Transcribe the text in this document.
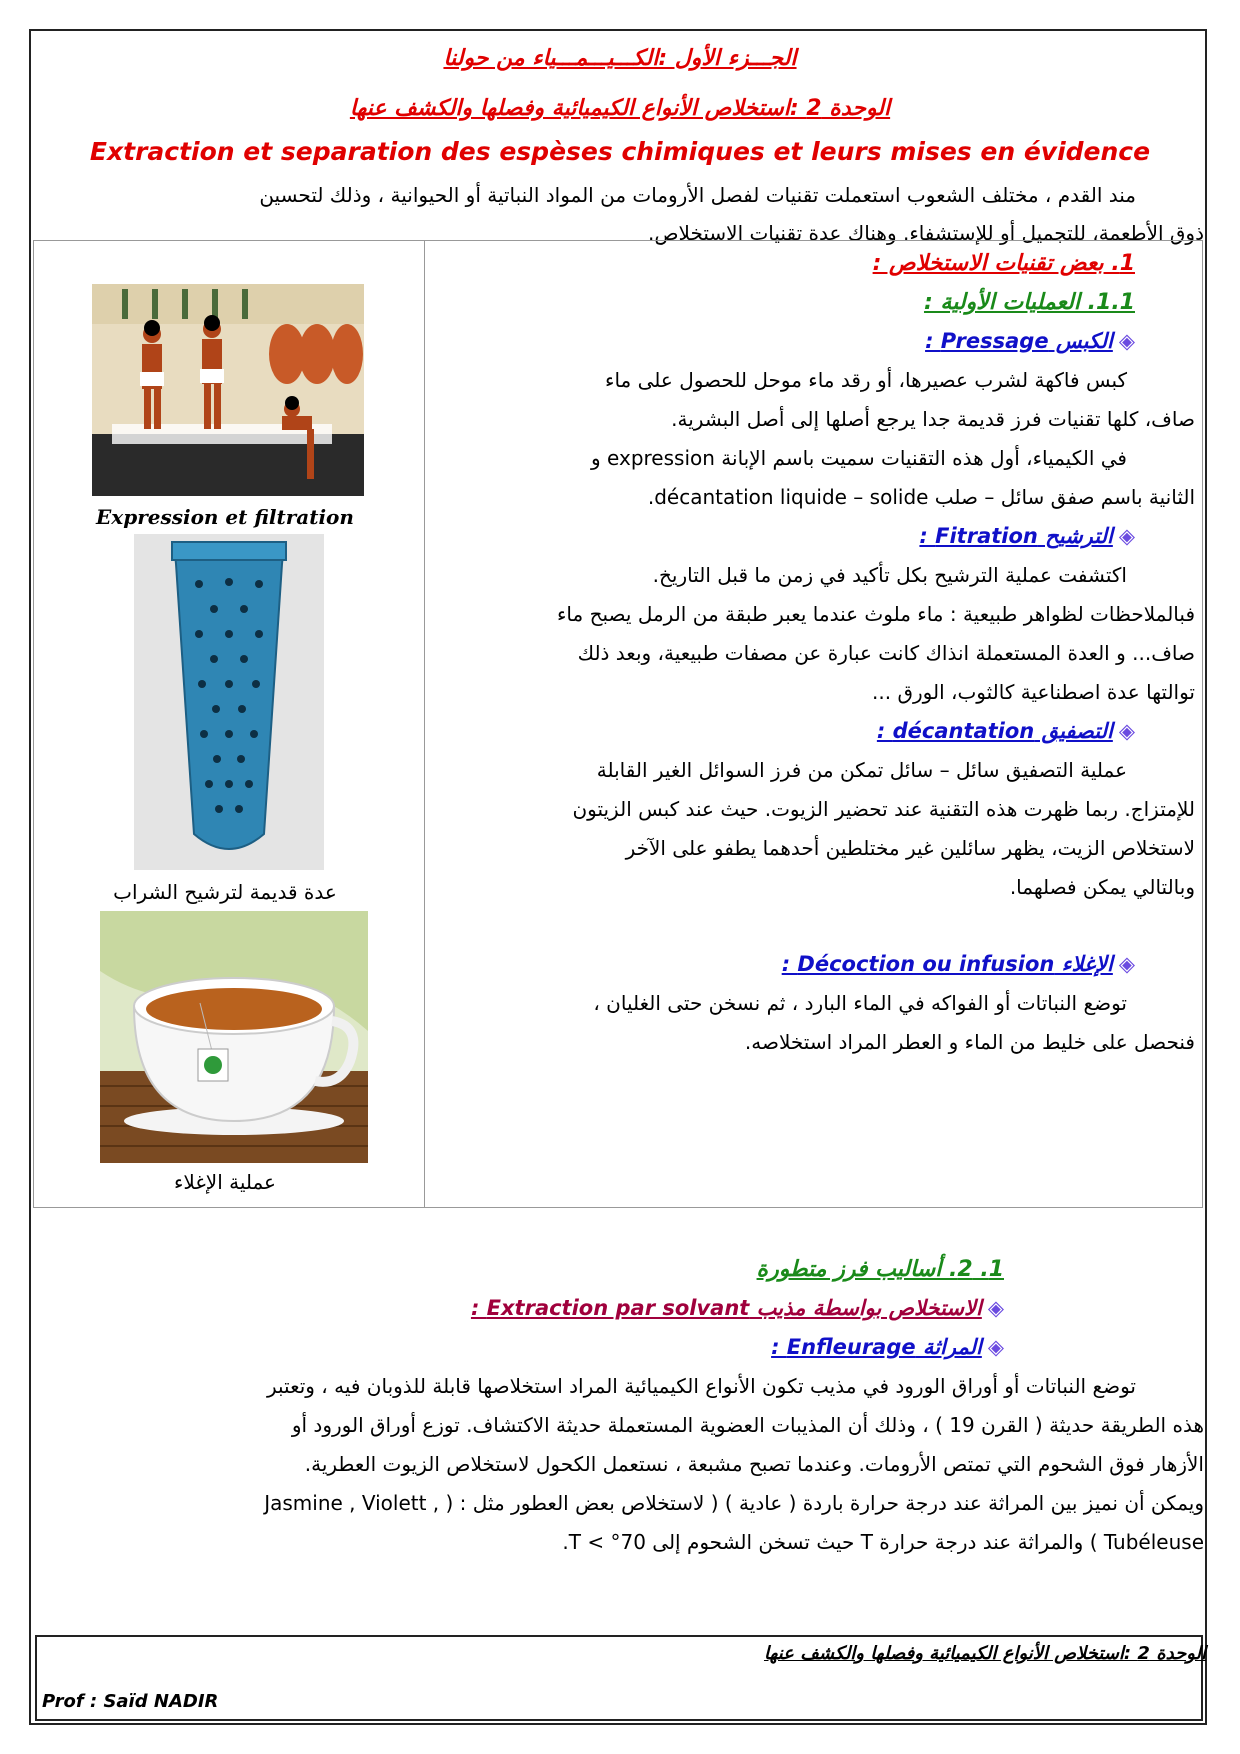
الجـــزء الأول :الكـــيـــمـــياء من حولنا
الوحدة 2 :استخلاص الأنواع الكيميائية وفصلها والكشف عنها
Extraction et separation des espèses chimiques et leurs mises en évidence

مند القدم ، مختلف الشعوب استعملت تقنيات لفصل الأرومات من المواد النباتية أو الحيوانية ، وذلك لتحسين

ذوق الأطعمة، للتجميل أو للإستشفاء. وهناك عدة تقنيات الاستخلاص.

Expression et filtration
عدة قديمة لترشيح الشراب
عملية الإغلاء

1. بعض تقنيات الاستخلاص :

1.1. العمليات الأولية :

◈الكبس Pressage :

كبس فاكهة لشرب عصيرها، أو رقد ماء موحل للحصول على ماء

صاف، كلها تقنيات فرز قديمة جدا يرجع أصلها إلى أصل البشرية.

في الكيمياء، أول هذه التقنيات سميت باسم الإبانة expression و

الثانية باسم صفق سائل – صلب décantation liquide – solide.

◈الترشيح Fitration :

اكتشفت عملية الترشيح بكل تأكيد في زمن ما قبل التاريخ.

فبالملاحظات لظواهر طبيعية : ماء ملوث عندما يعبر طبقة من الرمل يصبح ماء

صاف... و العدة المستعملة انذاك كانت عبارة عن مصفات طبيعية، وبعد ذلك

توالتها عدة اصطناعية كالثوب، الورق ...

◈التصفيق décantation :

عملية التصفيق سائل – سائل تمكن من فرز السوائل الغير القابلة

للإمتزاج. ربما ظهرت هذه التقنية عند تحضير الزيوت. حيث عند كبس الزيتون

لاستخلاص الزيت، يظهر سائلين غير مختلطين أحدهما يطفو على الآخر

وبالتالي يمكن فصلهما.

◈الإغلاء Décoction ou infusion :

توضع النباتات أو الفواكه في الماء البارد ، ثم نسخن حتى الغليان ،

فنحصل على خليط من الماء و العطر المراد استخلاصه.

1. 2. أساليب فرز متطورة

◈الاستخلاص بواسطة مذيب Extraction par solvant :

◈المراثة Enfleurage :

توضع النباتات أو أوراق الورود في مذيب تكون الأنواع الكيميائية المراد استخلاصها قابلة للذوبان فيه ، وتعتبر

هذه الطريقة حديثة ( القرن 19 ) ، وذلك أن المذيبات العضوية المستعملة حديثة الاكتشاف. توزع أوراق الورود أو

الأزهار فوق الشحوم التي تمتص الأرومات. وعندما تصبح مشبعة ، نستعمل الكحول لاستخلاص الزيوت العطرية.

ويمكن أن نميز بين المراثة عند درجة حرارة باردة ( عادية ) ( لاستخلاص بعض العطور مثل : ( , Jasmine , Violett

Tubéleuse ) والمراثة عند درجة حرارة T حيث تسخن الشحوم إلى 70° > T.

الوحدة 2 :استخلاص الأنواع الكيميائية وفصلها والكشف عنها
Prof : Saïd NADIR
